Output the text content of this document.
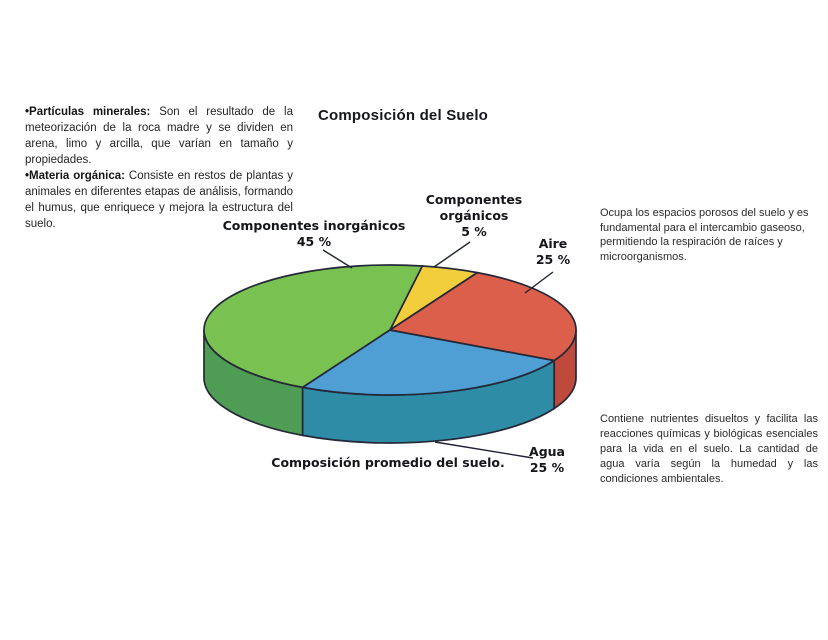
•Partículas minerales: Son el resultado de la meteorización de la roca madre y se dividen en arena, limo y arcilla, que varían en tamaño y propiedades.
•Materia orgánica: Consiste en restos de plantas y animales en diferentes etapas de análisis, formando el humus, que enriquece y mejora la estructura del suelo.

Composición del Suelo
Ocupa los espacios porosos del suelo y es fundamental para el intercambio gaseoso, permitiendo la respiración de raíces y microorganismos.
Contiene nutrientes disueltos y facilita las reacciones químicas y biológicas esenciales para la vida en el suelo. La cantidad de agua varía según la humedad y las condiciones ambientales.
Componentes inorgánicos
45 %
Componentes
orgánicos
5 %
Aire
25 %
Agua
25 %
Composición promedio del suelo.
